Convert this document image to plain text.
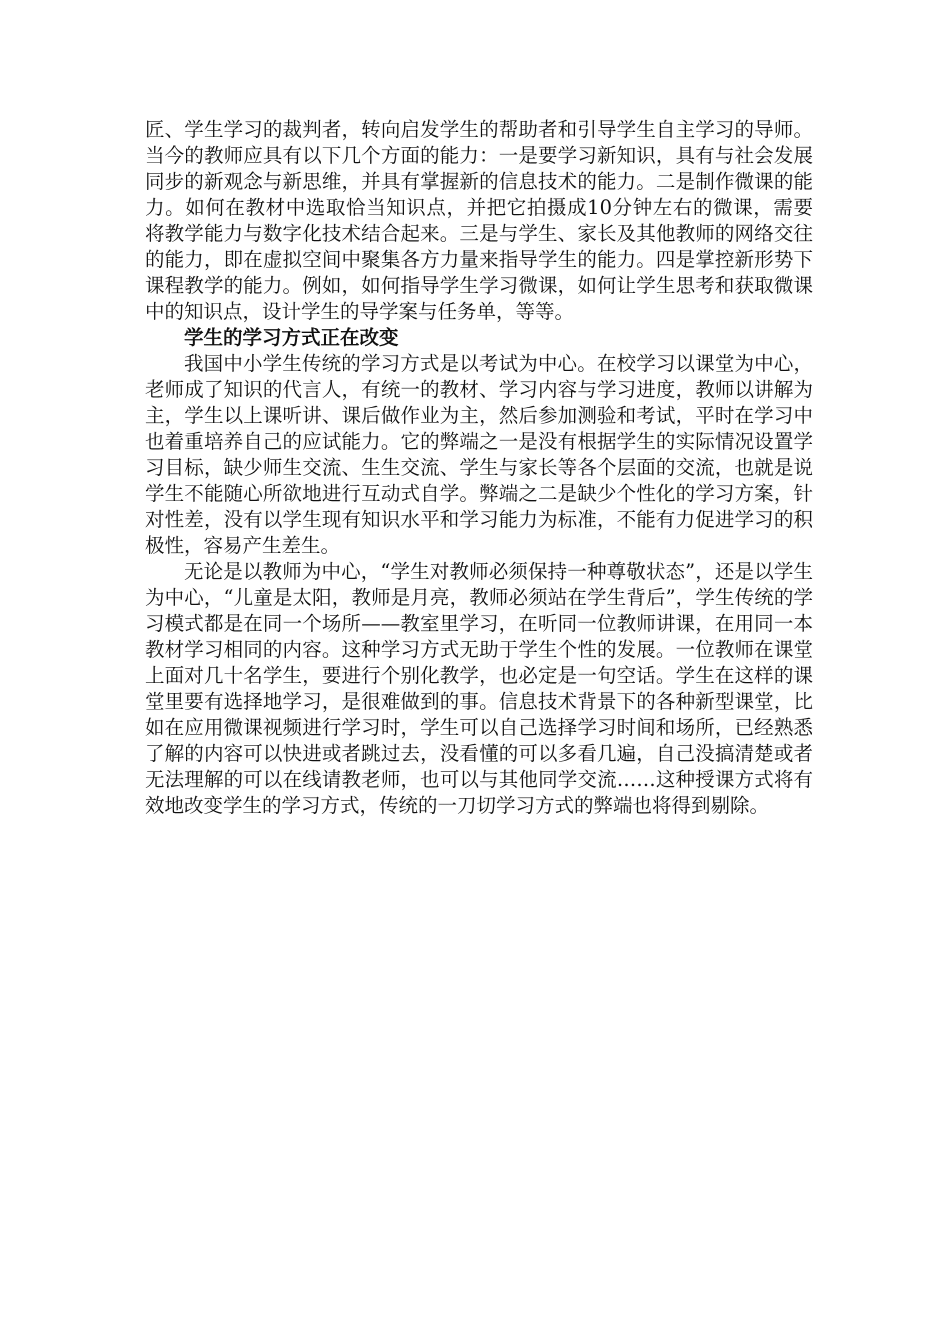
匠、学生学习的裁判者，转向启发学生的帮助者和引导学生自主学习的导师。当今的教师应具有以下几个方面的能力：一是要学习新知识，具有与社会发展同步的新观念与新思维，并具有掌握新的信息技术的能力。二是制作微课的能力。如何在教材中选取恰当知识点，并把它拍摄成10分钟左右的微课，需要将教学能力与数字化技术结合起来。三是与学生、家长及其他教师的网络交往的能力，即在虚拟空间中聚集各方力量来指导学生的能力。四是掌控新形势下课程教学的能力。例如，如何指导学生学习微课，如何让学生思考和获取微课中的知识点，设计学生的导学案与任务单，等等。

学生的学习方式正在改变

我国中小学生传统的学习方式是以考试为中心。在校学习以课堂为中心，老师成了知识的代言人，有统一的教材、学习内容与学习进度，教师以讲解为主，学生以上课听讲、课后做作业为主，然后参加测验和考试，平时在学习中也着重培养自己的应试能力。它的弊端之一是没有根据学生的实际情况设置学习目标，缺少师生交流、生生交流、学生与家长等各个层面的交流，也就是说学生不能随心所欲地进行互动式自学。弊端之二是缺少个性化的学习方案，针对性差，没有以学生现有知识水平和学习能力为标准，不能有力促进学习的积极性，容易产生差生。

无论是以教师为中心，“学生对教师必须保持一种尊敬状态”，还是以学生为中心，“儿童是太阳，教师是月亮，教师必须站在学生背后”，学生传统的学习模式都是在同一个场所——教室里学习，在听同一位教师讲课，在用同一本教材学习相同的内容。这种学习方式无助于学生个性的发展。一位教师在课堂上面对几十名学生，要进行个别化教学，也必定是一句空话。学生在这样的课堂里要有选择地学习，是很难做到的事。信息技术背景下的各种新型课堂，比如在应用微课视频进行学习时，学生可以自己选择学习时间和场所，已经熟悉了解的内容可以快进或者跳过去，没看懂的可以多看几遍，自己没搞清楚或者无法理解的可以在线请教老师，也可以与其他同学交流……这种授课方式将有效地改变学生的学习方式，传统的一刀切学习方式的弊端也将得到剔除。
